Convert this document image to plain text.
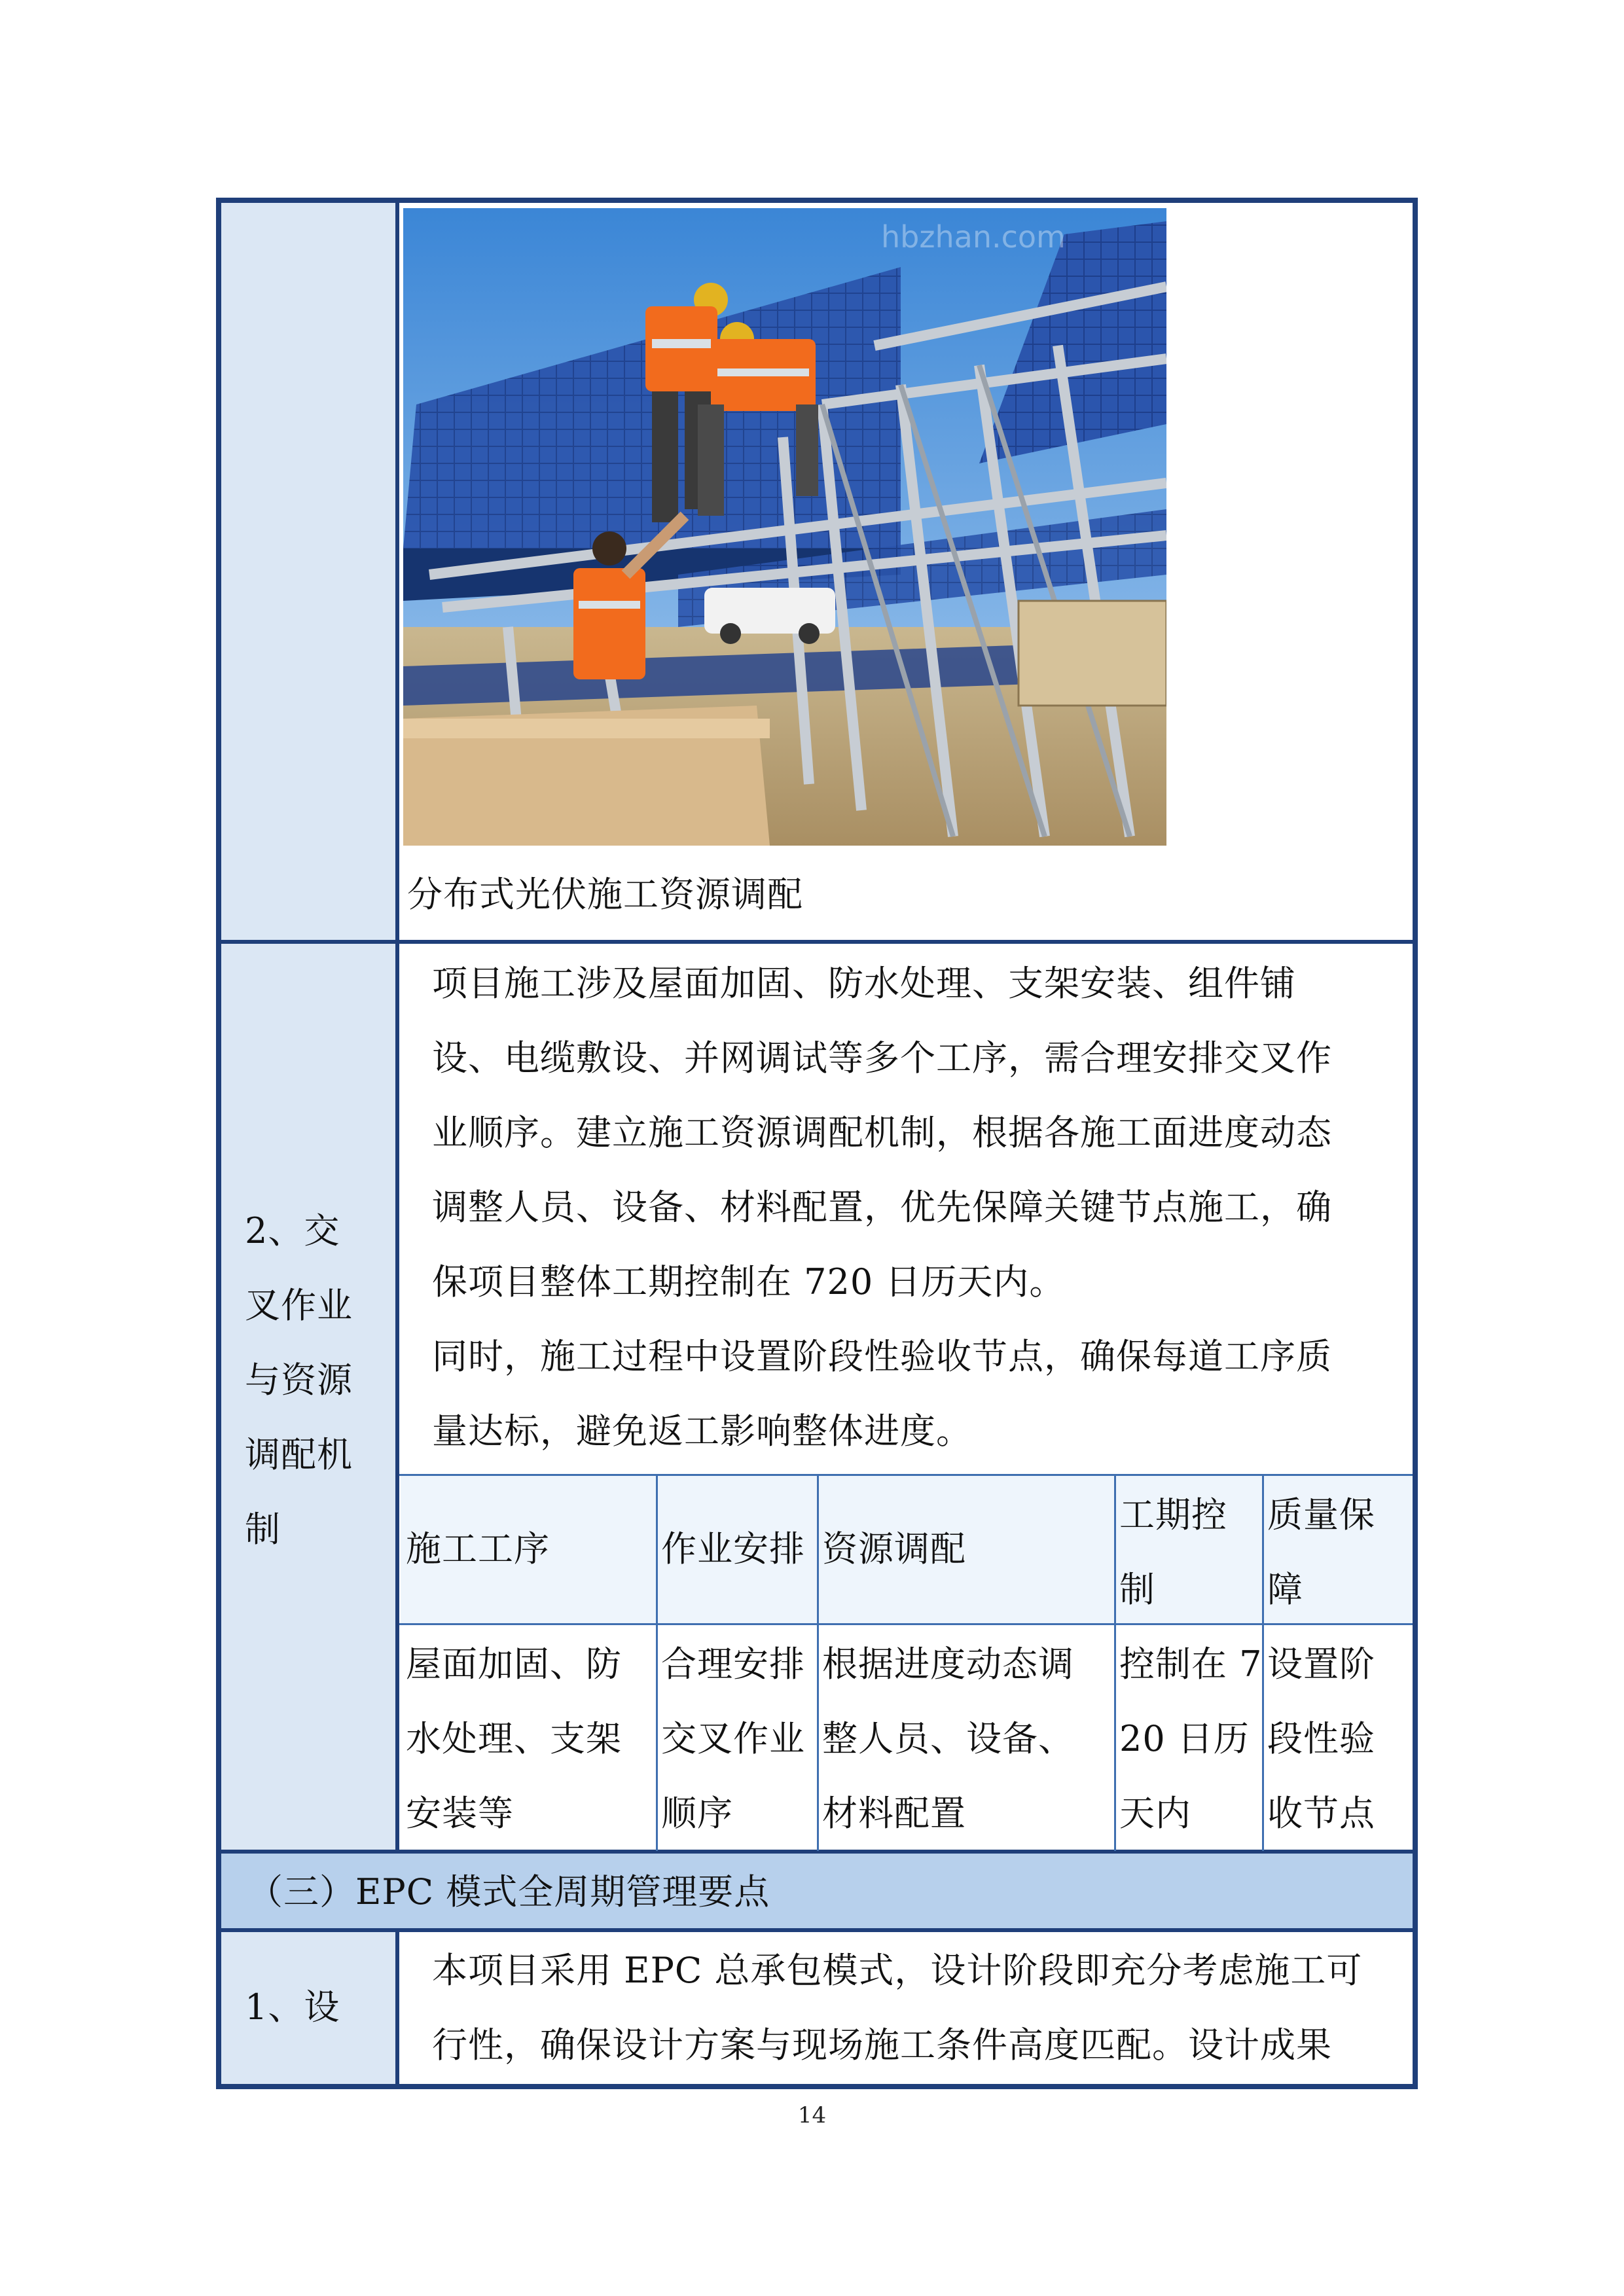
（三）EPC 模式全周期管理要点
hbzhan.com
分布式光伏施工资源调配
2、交
叉作业
与资源
调配机
制
项目施工涉及屋面加固、防水处理、支架安装、组件铺
设、电缆敷设、并网调试等多个工序，需合理安排交叉作
业顺序。建立施工资源调配机制，根据各施工面进度动态
调整人员、设备、材料配置，优先保障关键节点施工，确
保项目整体工期控制在 720 日历天内。
同时，施工过程中设置阶段性验收节点，确保每道工序质
量达标，避免返工影响整体进度。
施工工序	作业安排 资源调配
工期控
制
质量保
障
屋面加固、防
水处理、支架
安装等
合理安排
交叉作业
顺序
根据进度动态调
整人员、设备、
材料配置
控制在 7
20 日历
天内
设置阶
段性验
收节点
1、设
本项目采用 EPC 总承包模式，设计阶段即充分考虑施工可
行性，确保设计方案与现场施工条件高度匹配。设计成果
14
